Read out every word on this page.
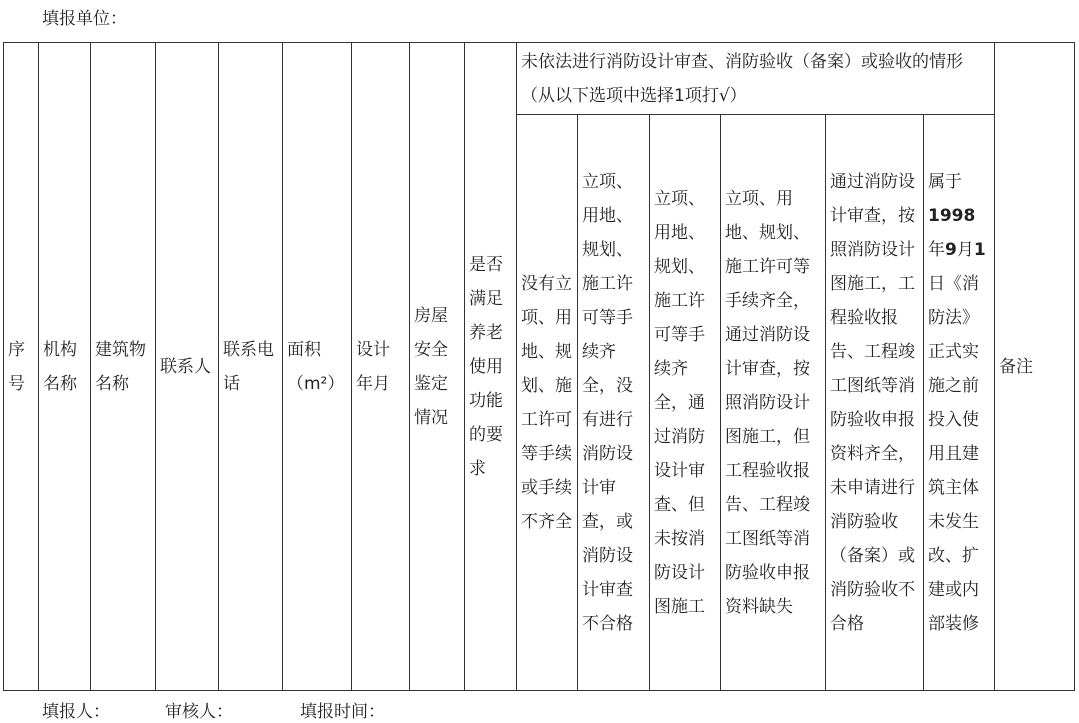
填报单位：
序号	机构名称	建筑物名称	联系人	联系电话	面积（m²）	设计年月	房屋安全鉴定情况	是否满足养老使用功能的要求	未依法进行消防设计审查、消防验收（备案）或验收的情形（从以下选项中选择1项打√）						备注
									没有立项、用地、规划、施工许可等手续或手续不齐全	立项、用地、规划、施工许可等手续齐全，没有进行消防设计审查，或消防设计审查不合格	立项、用地、规划、施工许可等手续齐全，通过消防设计审查、但未按消防设计图施工	立项、用地、规划、施工许可等手续齐全，通过消防设计审查，按照消防设计图施工，但工程验收报告、工程竣工图纸等消防验收申报资料缺失	通过消防设计审查，按照消防设计图施工，工程验收报告、工程竣工图纸等消防验收申报资料齐全，未申请进行消防验收（备案）或消防验收不合格	属于1998年9月1日《消防法》正式实施之前投入使用且建筑主体未发生改、扩建或内部装修	
填报人：	审核人：	填报时间：
